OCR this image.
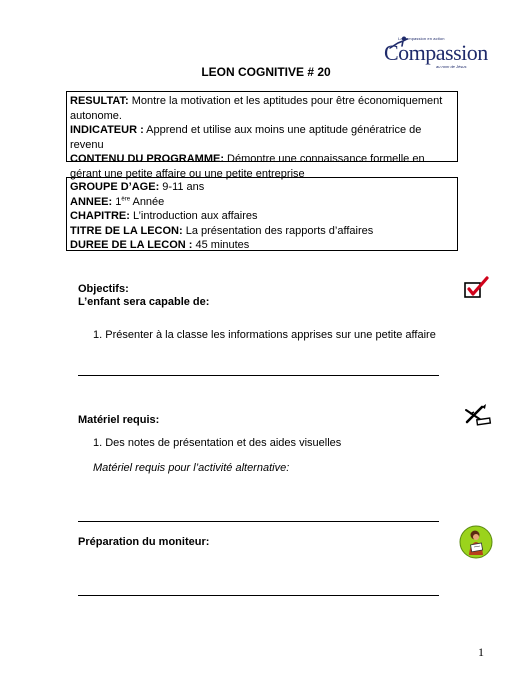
La compassion en action
Compassion
au nom de Jésus
LEON COGNITIVE # 20

RESULTAT: Montre la motivation et les aptitudes pour être économiquement autonome.

INDICATEUR : Apprend et utilise aux moins une aptitude génératrice de revenu

CONTENU DU PROGRAMME: Démontre une connaissance formelle en gérant une petite affaire ou une petite entreprise

GROUPE D’AGE: 9-11 ans

ANNEE: 1ère Année

CHAPITRE: L’introduction aux affaires

TITRE DE LA LECON: La présentation des rapports d’affaires

DUREE DE LA LECON : 45 minutes

Objectifs:
L’enfant sera capable de:
1. Présenter à la classe les informations apprises sur une petite affaire
Matériel requis:
1. Des notes de présentation et des aides visuelles
Matériel requis pour l’activité alternative:
Préparation du moniteur:
1
